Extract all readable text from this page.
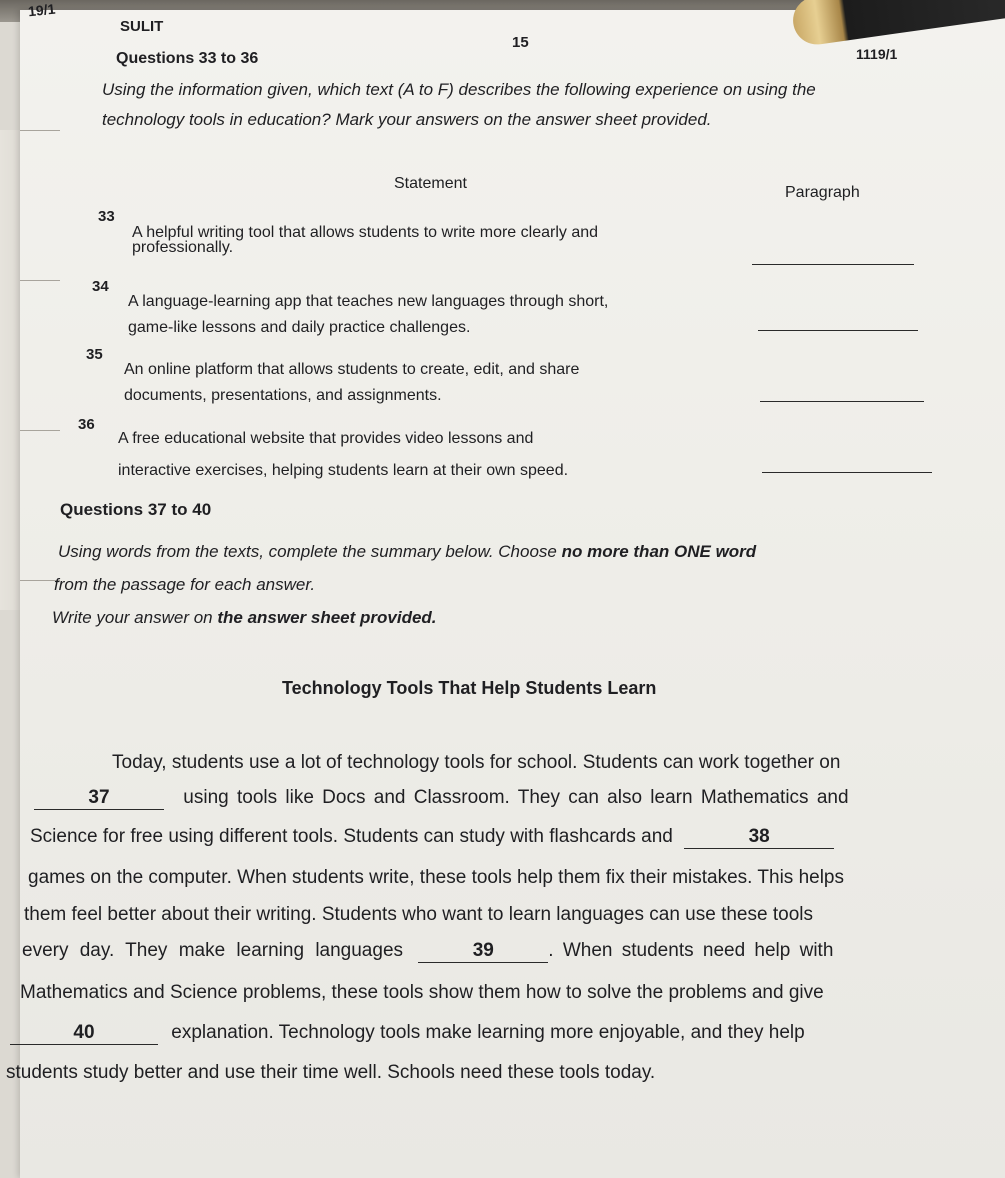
19/1
SULIT
15
1119/1
Questions 33 to 36
Using the information given, which text (A to F) describes the following experience on using the
technology tools in education? Mark your answers on the answer sheet provided.
Statement
Paragraph
33
A helpful writing tool that allows students to write more clearly and
professionally.
34
A language-learning app that teaches new languages through short,
game-like lessons and daily practice challenges.
35
An online platform that allows students to create, edit, and share
documents, presentations, and assignments.
36
A free educational website that provides video lessons and
interactive exercises, helping students learn at their own speed.
Questions 37 to 40
Using words from the texts, complete the summary below. Choose no more than ONE word
from the passage for each answer.
Write your answer on the answer sheet provided.
Technology Tools That Help Students Learn
Today, students use a lot of technology tools for school. Students can work together on
37	using tools like Docs and Classroom. They can also learn Mathematics and
Science for free using different tools. Students can study with flashcards and	38
games on the computer. When students write, these tools help them fix their mistakes. This helps
them feel better about their writing. Students who want to learn languages can use these tools
every day. They make learning languages	39	. When students need help with
Mathematics and Science problems, these tools show them how to solve the problems and give
40	explanation. Technology tools make learning more enjoyable, and they help
students study better and use their time well. Schools need these tools today.
